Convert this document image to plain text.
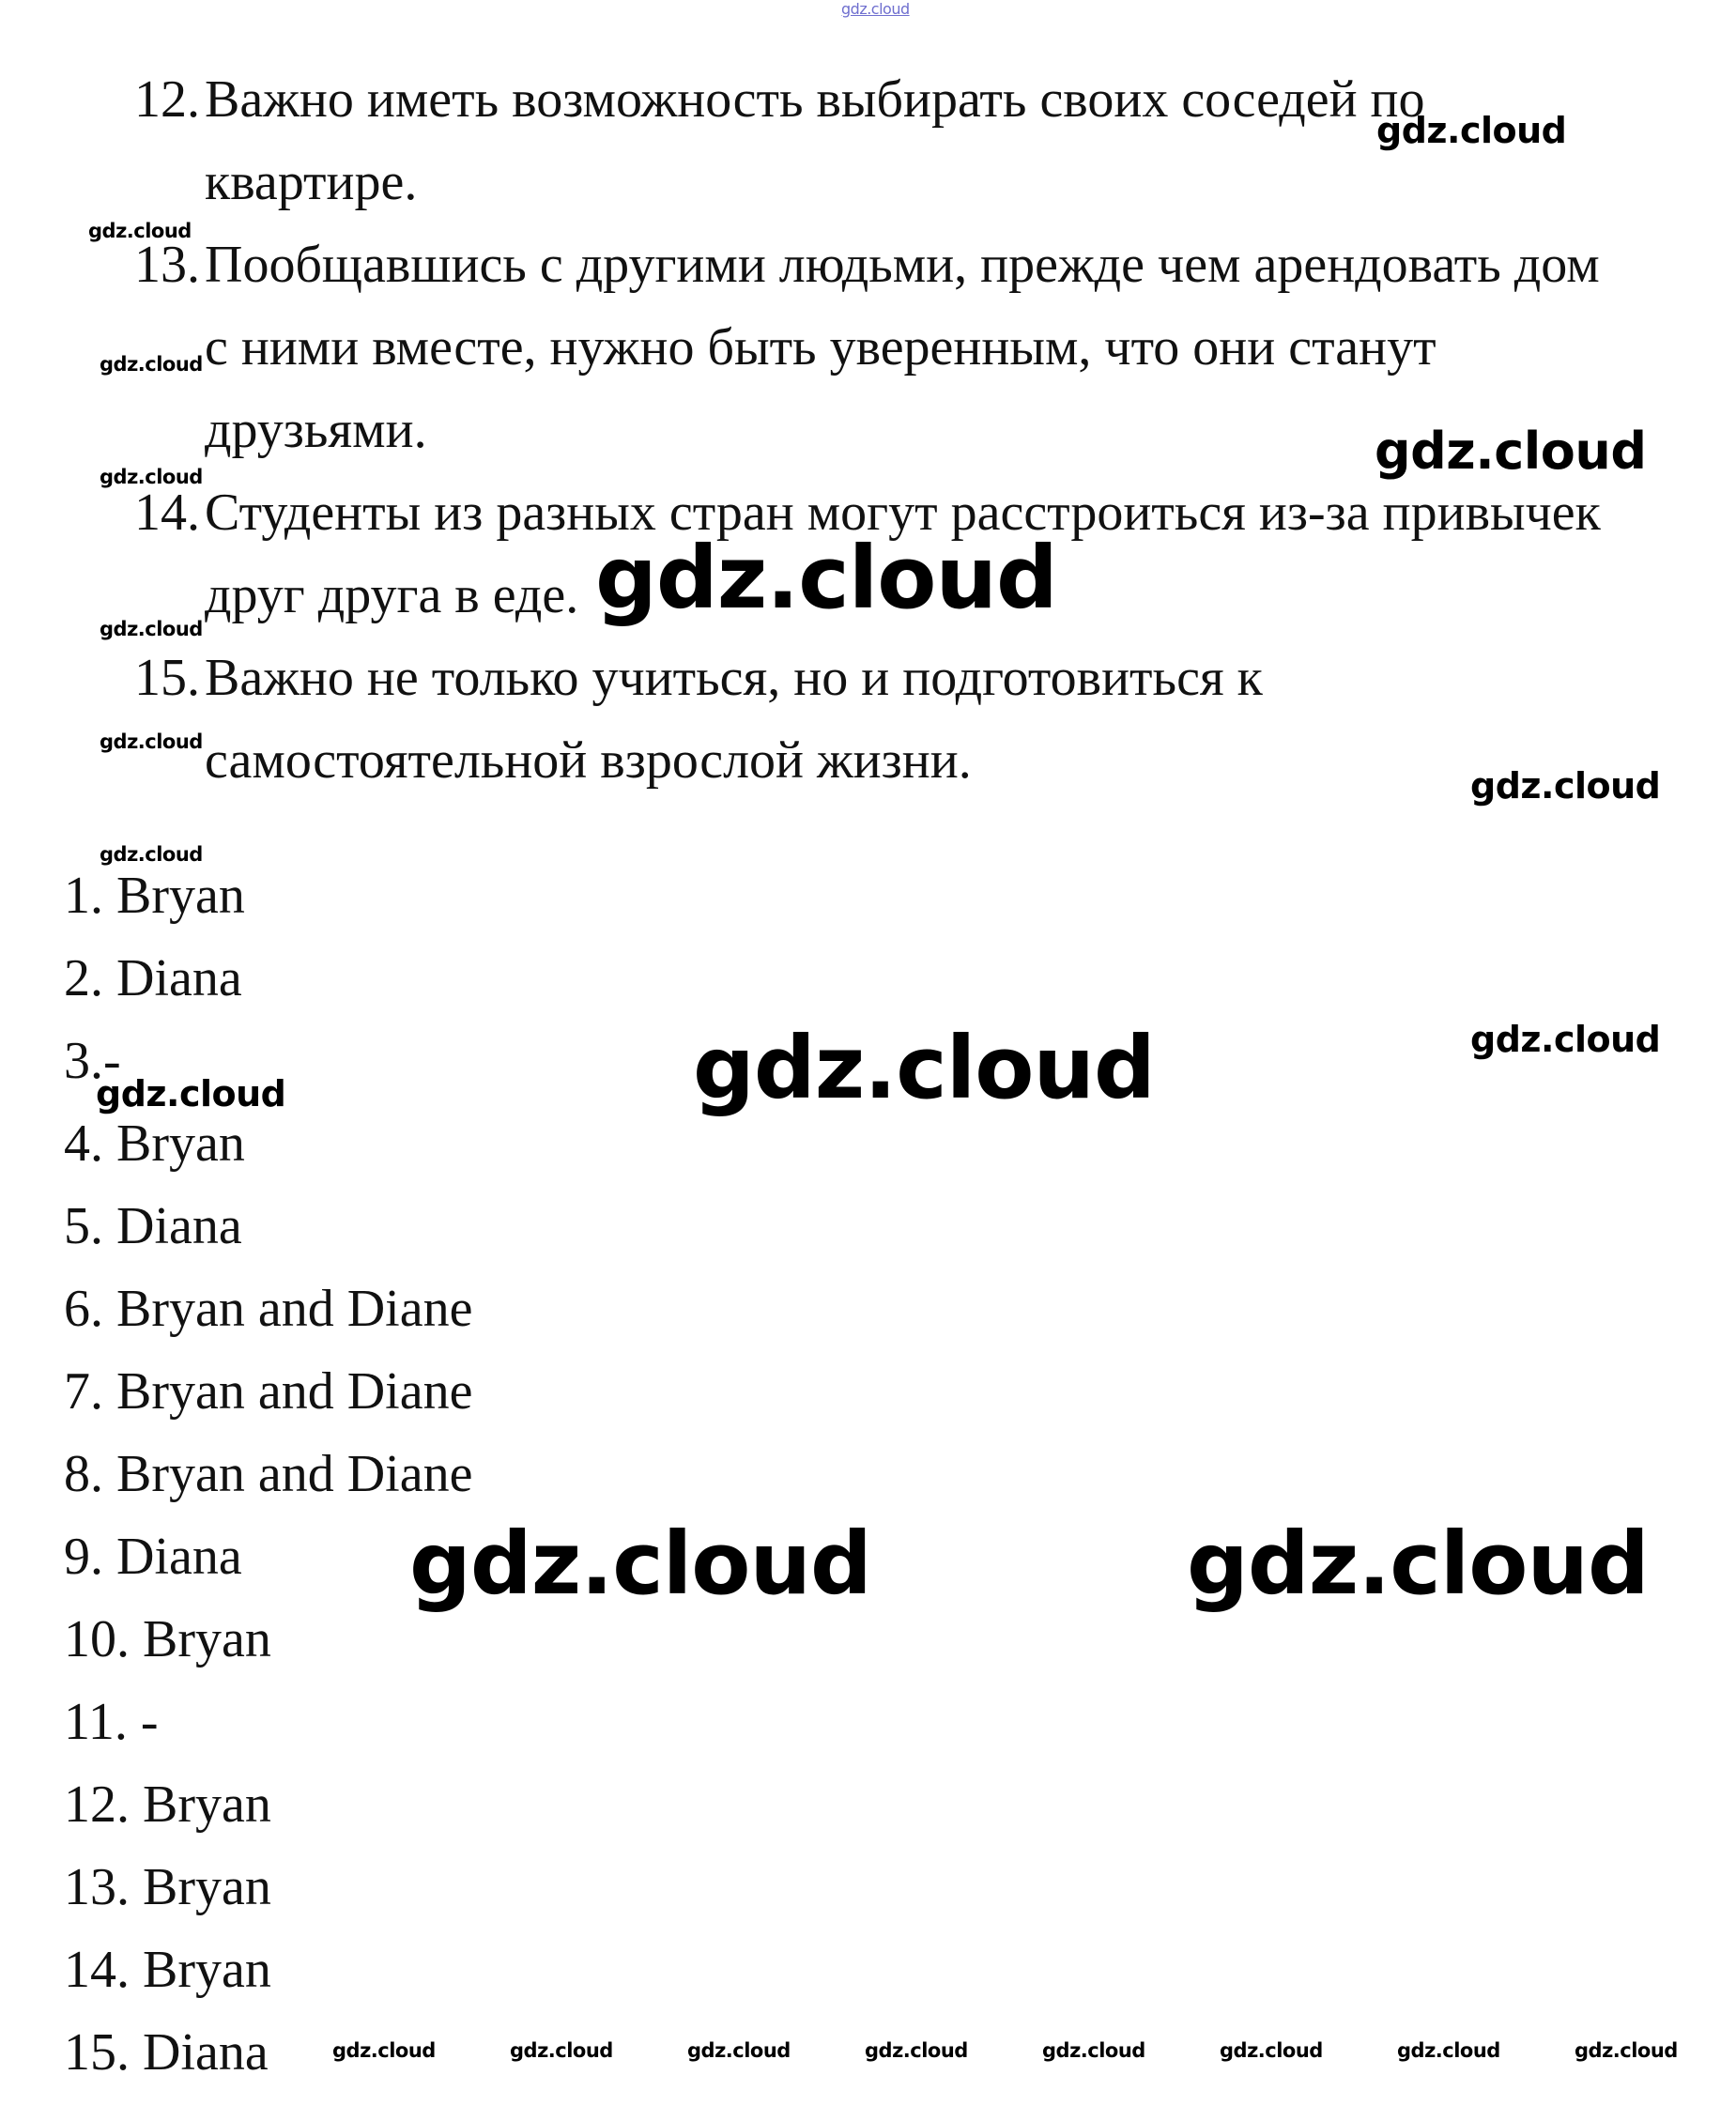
12. Важно иметь возможность выбирать своих соседей по
квартире.
13. Пообщавшись с другими людьми, прежде чем арендовать дом
с ними вместе, нужно быть уверенным, что они станут
друзьями.
14. Студенты из разных стран могут расстроиться из-за привычек
друг друга в еде.
15. Важно не только учиться, но и подготовиться к
самостоятельной взрослой жизни.
1. Bryan
2. Diana
3.-
4. Bryan
5. Diana
6. Bryan and Diane
7. Bryan and Diane
8. Bryan and Diane
9. Diana
10. Bryan
11. -
12. Bryan
13. Bryan
14. Bryan
15. Diana
gdz.cloud
gdz.cloud
gdz.cloud
gdz.cloud
gdz.cloud
gdz.cloud
gdz.cloud
gdz.cloud
gdz.cloud
gdz.cloud
gdz.cloud
gdz.cloud
gdz.cloud
gdz.cloud
gdz.cloud	gdz.cloud
gdz.cloud	gdz.cloud	gdz.cloud	gdz.cloud	gdz.cloud	gdz.cloud	gdz.cloud	gdz.cloud
